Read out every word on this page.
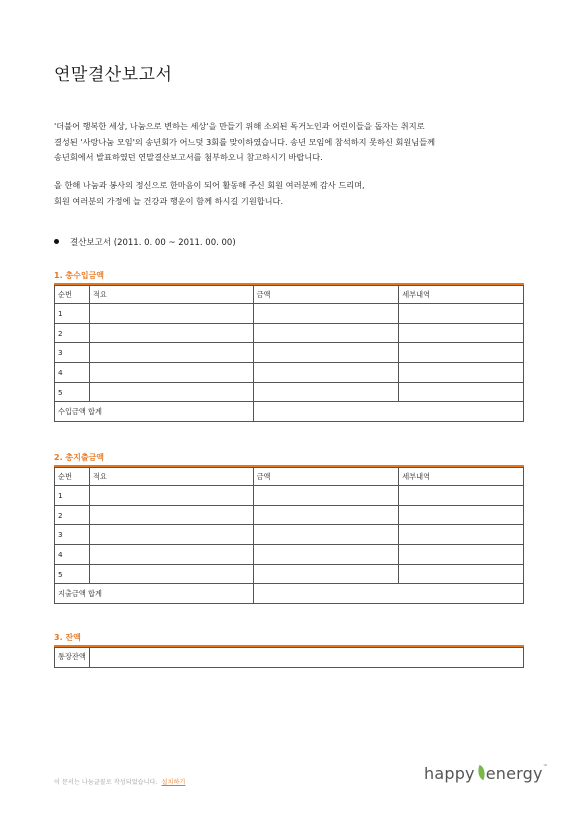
연말결산보고서
'더불어 행복한 세상, 나눔으로 변하는 세상'을 만들기 위해 소외된 독거노인과 어린이들을 돕자는 취지로
결성된 '사랑나눔 모임'의 송년회가 어느덧 3회를 맞이하였습니다. 송년 모임에 참석하지 못하신 회원님들께
송년회에서 발표하였던 연말결산보고서를 첨부하오니 참고하시기 바랍니다.
올 한해 나눔과 봉사의 정신으로 한마음이 되어 활동해 주신 회원 여러분께 감사 드리며,
회원 여러분의 가정에 늘 건강과 행운이 함께 하시길 기원합니다.
결산보고서 (2011. 0. 00 ~ 2011. 00. 00)
1. 총수입금액
순번	적요	금액	세부내역
1			
2			
3			
4			
5			
수입금액 합계			
2. 총지출금액
순번	적요	금액	세부내역
1			
2			
3			
4			
5			
지출금액 합계			
3. 잔액
통장잔액	
이 문서는 나눔글꼴로 작성되었습니다. 설치하기	happy energy™
